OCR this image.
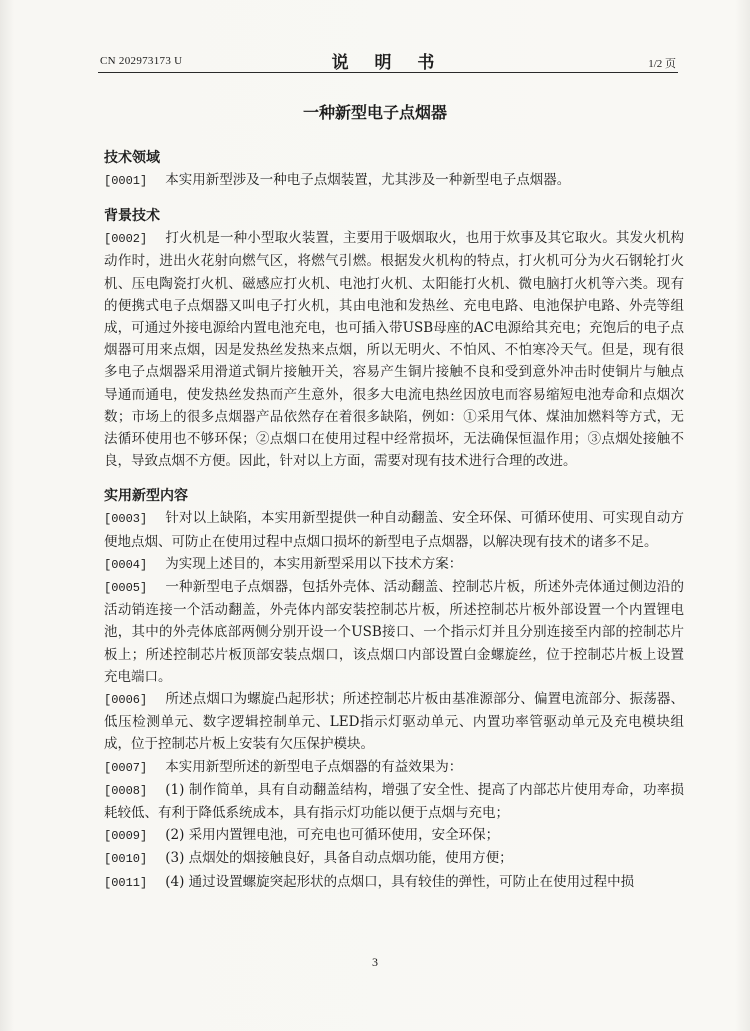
CN 202973173 U	说 明 书	1/2 页
一种新型电子点烟器
技术领域
[0001] 本实用新型涉及一种电子点烟装置，尤其涉及一种新型电子点烟器。
背景技术
[0002] 打火机是一种小型取火装置，主要用于吸烟取火，也用于炊事及其它取火。其发火机构动作时，进出火花射向燃气区，将燃气引燃。根据发火机构的特点，打火机可分为火石钢轮打火机、压电陶瓷打火机、磁感应打火机、电池打火机、太阳能打火机、微电脑打火机等六类。现有的便携式电子点烟器又叫电子打火机，其由电池和发热丝、充电电路、电池保护电路、外壳等组成，可通过外接电源给内置电池充电，也可插入带USB母座的AC电源给其充电；充饱后的电子点烟器可用来点烟，因是发热丝发热来点烟，所以无明火、不怕风、不怕寒冷天气。但是，现有很多电子点烟器采用滑道式铜片接触开关，容易产生铜片接触不良和受到意外冲击时使铜片与触点导通而通电，使发热丝发热而产生意外，很多大电流电热丝因放电而容易缩短电池寿命和点烟次数；市场上的很多点烟器产品依然存在着很多缺陷，例如：①采用气体、煤油加燃料等方式，无法循环使用也不够环保；②点烟口在使用过程中经常损坏，无法确保恒温作用；③点烟处接触不良，导致点烟不方便。因此，针对以上方面，需要对现有技术进行合理的改进。
实用新型内容
[0003] 针对以上缺陷，本实用新型提供一种自动翻盖、安全环保、可循环使用、可实现自动方便地点烟、可防止在使用过程中点烟口损坏的新型电子点烟器，以解决现有技术的诸多不足。
[0004] 为实现上述目的，本实用新型采用以下技术方案：
[0005] 一种新型电子点烟器，包括外壳体、活动翻盖、控制芯片板，所述外壳体通过侧边沿的活动销连接一个活动翻盖，外壳体内部安装控制芯片板，所述控制芯片板外部设置一个内置锂电池，其中的外壳体底部两侧分别开设一个USB接口、一个指示灯并且分别连接至内部的控制芯片板上；所述控制芯片板顶部安装点烟口，该点烟口内部设置白金螺旋丝，位于控制芯片板上设置充电端口。
[0006] 所述点烟口为螺旋凸起形状；所述控制芯片板由基准源部分、偏置电流部分、振荡器、低压检测单元、数字逻辑控制单元、LED指示灯驱动单元、内置功率管驱动单元及充电模块组成，位于控制芯片板上安装有欠压保护模块。
[0007] 本实用新型所述的新型电子点烟器的有益效果为：
[0008] (1) 制作简单，具有自动翻盖结构，增强了安全性、提高了内部芯片使用寿命，功率损耗较低、有利于降低系统成本，具有指示灯功能以便于点烟与充电；
[0009] (2) 采用内置锂电池，可充电也可循环使用，安全环保；
[0010] (3) 点烟处的烟接触良好，具备自动点烟功能，使用方便；
[0011] (4) 通过设置螺旋突起形状的点烟口，具有较佳的弹性，可防止在使用过程中损
3
